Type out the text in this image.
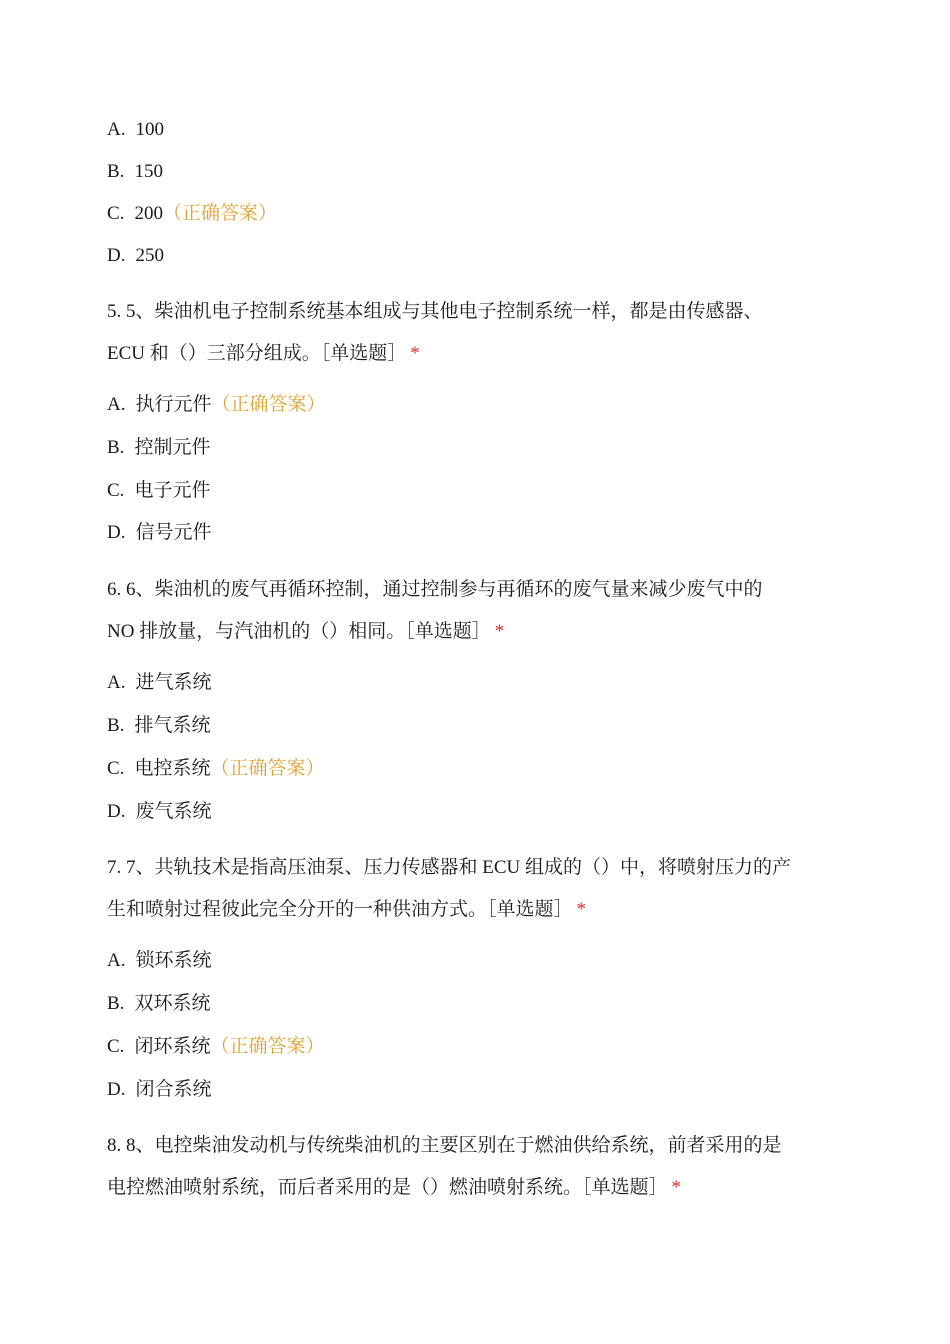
A. 100
B. 150
C. 200（正确答案）
D. 250
5. 5、柴油机电子控制系统基本组成与其他电子控制系统一样，都是由传感器、
ECU 和（）三部分组成。［单选题］ *
A. 执行元件（正确答案）
B. 控制元件
C. 电子元件
D. 信号元件
6. 6、柴油机的废气再循环控制，通过控制参与再循环的废气量来减少废气中的
NO 排放量，与汽油机的（）相同。［单选题］ *
A. 进气系统
B. 排气系统
C. 电控系统（正确答案）
D. 废气系统
7. 7、共轨技术是指高压油泵、压力传感器和 ECU 组成的（）中，将喷射压力的产
生和喷射过程彼此完全分开的一种供油方式。［单选题］ *
A. 锁环系统
B. 双环系统
C. 闭环系统（正确答案）
D. 闭合系统
8. 8、电控柴油发动机与传统柴油机的主要区别在于燃油供给系统，前者采用的是
电控燃油喷射系统，而后者采用的是（）燃油喷射系统。［单选题］ *
